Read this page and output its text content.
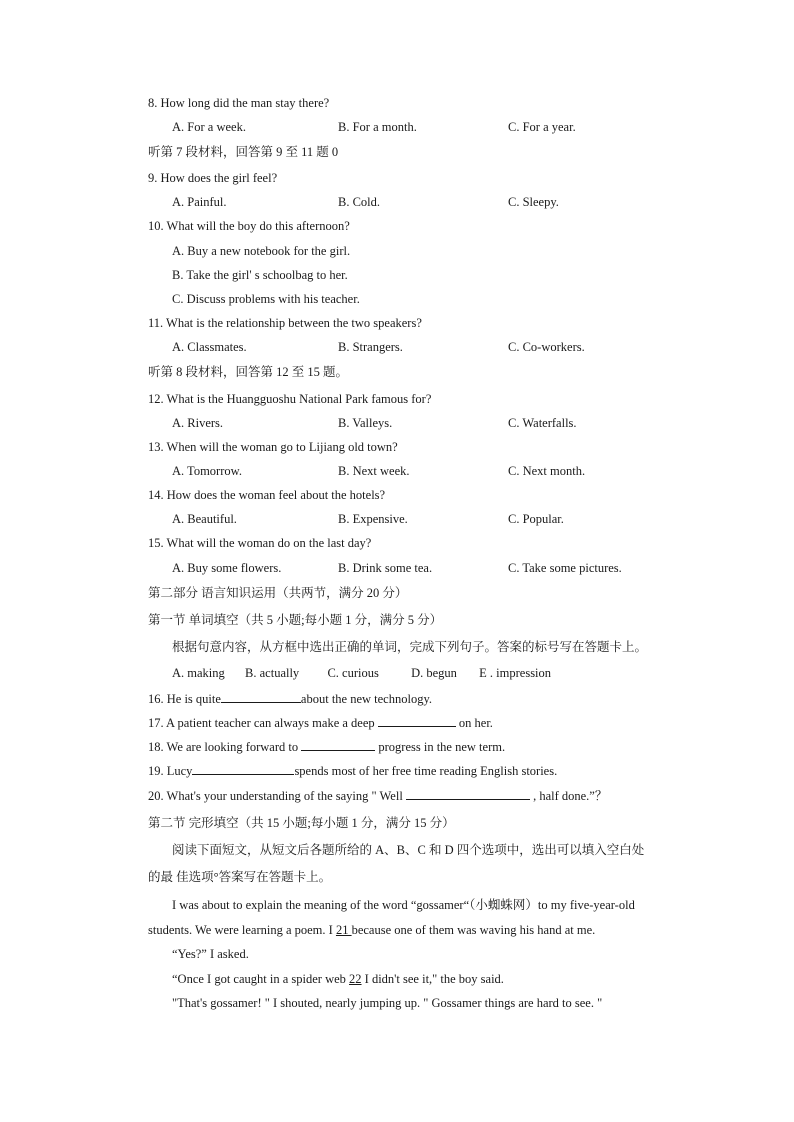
8. How long did the man stay there?
A. For a week.	B. For a month.	C. For a year.
听第 7 段材料，回答第 9 至 11 题 0
9. How does the girl feel?
A. Painful.	B. Cold.	C. Sleepy.
10. What will the boy do this afternoon?
A. Buy a new notebook for the girl.
B. Take the girl' s schoolbag to her.
C. Discuss problems with his teacher.
11. What is the relationship between the two speakers?
A. Classmates.	B. Strangers.	C. Co-workers.
听第 8 段材料，回答第 12 至 15 题。
12. What is the Huangguoshu National Park famous for?
A. Rivers.	B. Valleys.	C. Waterfalls.
13. When will the woman go to Lijiang old town?
A. Tomorrow.	B. Next week.	C. Next month.
14. How does the woman feel about the hotels?
A. Beautiful.	B. Expensive.	C. Popular.
15. What will the woman do on the last day?
A. Buy some flowers.	B. Drink some tea.	C. Take some pictures.
第二部分 语言知识运用（共两节，满分 20 分）
第一节 单词填空（共 5 小题;每小题 1 分，满分 5 分）
根据句意内容，从方框中选出正确的单词，完成下列句子。答案的标号写在答题卡上。
A. making B. actually C. curious	D. begun E . impression
16. He is quite	about the new technology.
17. A patient teacher can always make a deep	on her.
18. We are looking forward to	progress in the new term.
19. Lucy	spends most of her free time reading English stories.
20. What's your understanding of the saying " Well	, half done.”？
第二节 完形填空（共 15 小题;每小题 1 分，满分 15 分）
阅读下面短文，从短文后各题所给的 A、B、C 和 D 四个选项中，选出可以填入空白处
的最 佳选项°答案写在答题卡上。
I was about to explain the meaning of the word “gossamer“（小蜘蛛网）to my five-year-old
students. We were learning a poem. I 21 because one of them was waving his hand at me.
“Yes?” I asked.
“Once I got caught in a spider web 22 I didn't see it," the boy said.
"That's gossamer! " I shouted, nearly jumping up. " Gossamer things are hard to see. "
